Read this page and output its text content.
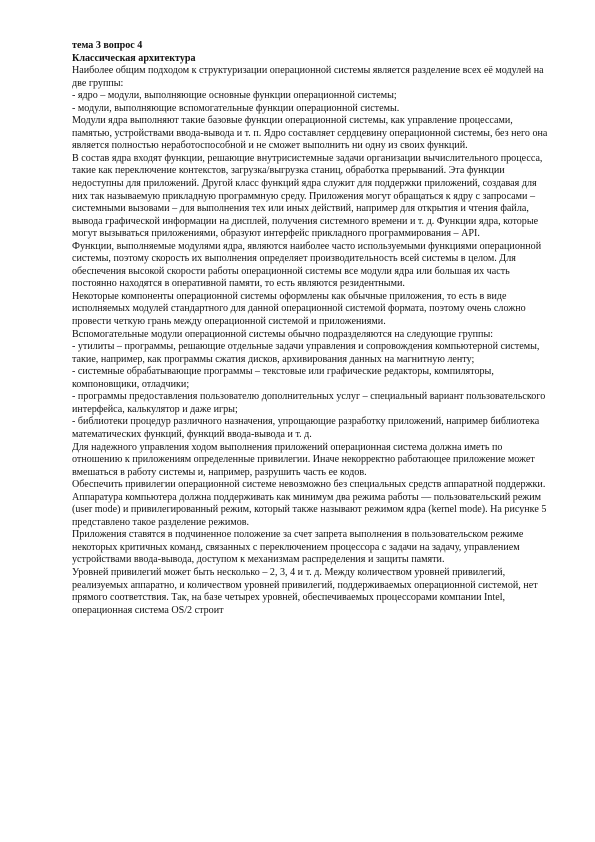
тема 3 вопрос 4

Классическая архитектура

Наиболее общим подходом к структуризации операционной системы является разделение всех её модулей на две группы:

- ядро – модули, выполняющие основные функции операционной системы;

- модули, выполняющие вспомогательные функции операционной системы.

Модули ядра выполняют такие базовые функции операционной системы, как управление процессами, памятью, устройствами ввода-вывода и т. п. Ядро составляет сердцевину операционной системы, без него она является полностью неработоспособной и не сможет выполнить ни одну из своих функций.

В состав ядра входят функции, решающие внутрисистемные задачи организации вычислительного процесса, такие как переключение контекстов, загрузка/выгрузка станиц, обработка прерываний. Эта функции недоступны для приложений. Другой класс функций ядра служит для поддержки приложений, создавая для них так называемую прикладную программную среду. Приложения могут обращаться к ядру с запросами – системными вызовами – для выполнения тех или иных действий, например для открытия и чтения файла, вывода графической информации на дисплей, получения системного времени и т. д. Функции ядра, которые могут вызываться приложениями, образуют интерфейс прикладного программирования – API.

Функции, выполняемые модулями ядра, являются наиболее часто используемыми функциями операционной системы, поэтому скорость их выполнения определяет производительность всей системы в целом. Для обеспечения высокой скорости работы операционной системы все модули ядра или большая их часть постоянно находятся в оперативной памяти, то есть являются резидентными.

Некоторые компоненты операционной системы оформлены как обычные приложения, то есть в виде исполняемых модулей стандартного для данной операционной системой формата, поэтому очень сложно провести четкую грань между операционной системой и приложениями.

Вспомогательные модули операционной системы обычно подразделяются на следующие группы:

- утилиты – программы, решающие отдельные задачи управления и сопровождения компьютерной системы, такие, например, как программы сжатия дисков, архивирования данных на магнитную ленту;

- системные обрабатывающие программы – текстовые или графические редакторы, компиляторы, компоновщики, отладчики;

- программы предоставления пользователю дополнительных услуг – специальный вариант пользовательского интерфейса, калькулятор и даже игры;

- библиотеки процедур различного назначения, упрощающие разработку приложений, например библиотека математических функций, функций ввода-вывода и т. д.

Для надежного управления ходом выполнения приложений операционная система должна иметь по отношению к приложениям определенные привилегии. Иначе некорректно работающее приложение может вмешаться в работу системы и, например, разрушить часть ее кодов.

Обеспечить привилегии операционной системе невозможно без специальных средств аппаратной поддержки. Аппаратура компьютера должна поддерживать как минимум два режима работы — пользовательский режим (user mode) и привилегированный режим, который также называют режимом ядра (kernel mode). На рисунке 5 представлено такое разделение режимов.

Приложения ставятся в подчиненное положение за счет запрета выполнения в пользовательском режиме некоторых критичных команд, связанных с переключением процессора с задачи на задачу, управлением устройствами ввода-вывода, доступом к механизмам распределения и защиты памяти.

Уровней привилегий может быть несколько – 2, 3, 4 и т. д. Между количеством уровней привилегий, реализуемых аппаратно, и количеством уровней привилегий, поддерживаемых операционной системой, нет прямого соответствия. Так, на базе четырех уровней, обеспечиваемых процессорами компании Intel, операционная система OS/2 строит
